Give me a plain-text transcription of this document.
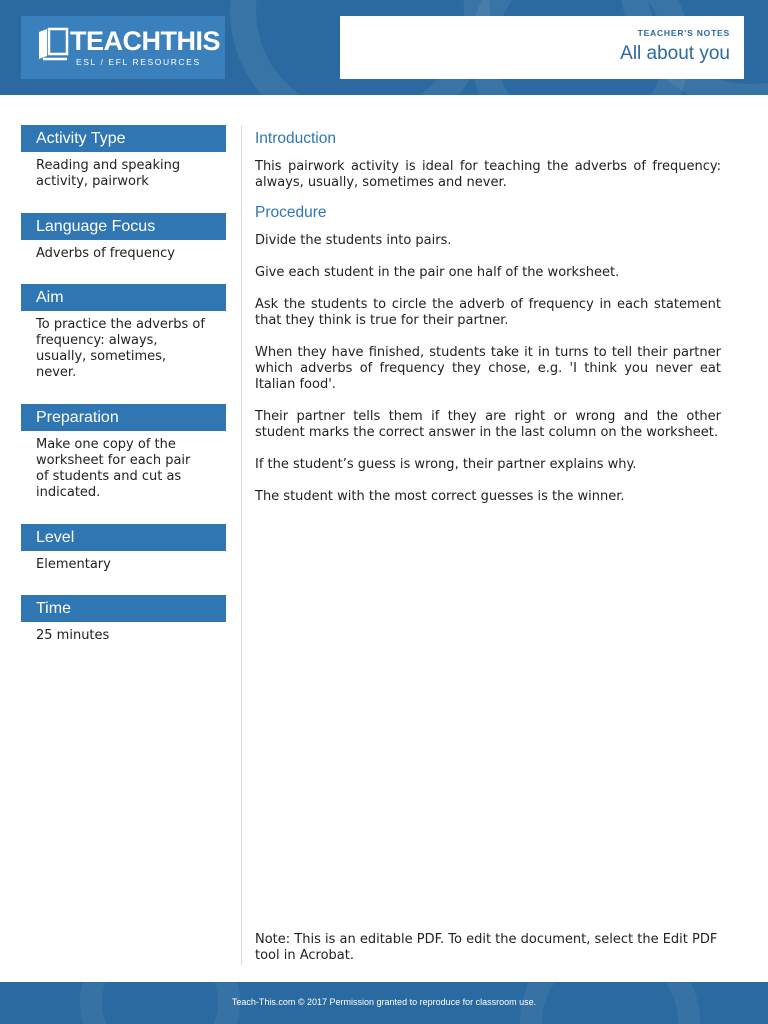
TEACHTHIS
ESL / EFL RESOURCES
TEACHER'S NOTES
All about you
Activity Type
Reading and speaking activity, pairwork
Language Focus
Adverbs of frequency
Aim
To practice the adverbs of frequency: always, usually, sometimes, never.
Preparation
Make one copy of the worksheet for each pair of students and cut as indicated.
Level
Elementary
Time
25 minutes
Introduction
This pairwork activity is ideal for teaching the adverbs of frequency: always, usually, sometimes and never.
Procedure
Divide the students into pairs.
Give each student in the pair one half of the worksheet.
Ask the students to circle the adverb of frequency in each statement that they think is true for their partner.
When they have finished, students take it in turns to tell their partner which adverbs of frequency they chose, e.g. 'I think you never eat Italian food'.
Their partner tells them if they are right or wrong and the other student marks the correct answer in the last column on the worksheet.
If the student’s guess is wrong, their partner explains why.
The student with the most correct guesses is the winner.
Note: This is an editable PDF. To edit the document, select the Edit PDF tool in Acrobat.
Teach-This.com © 2017 Permission granted to reproduce for classroom use.
